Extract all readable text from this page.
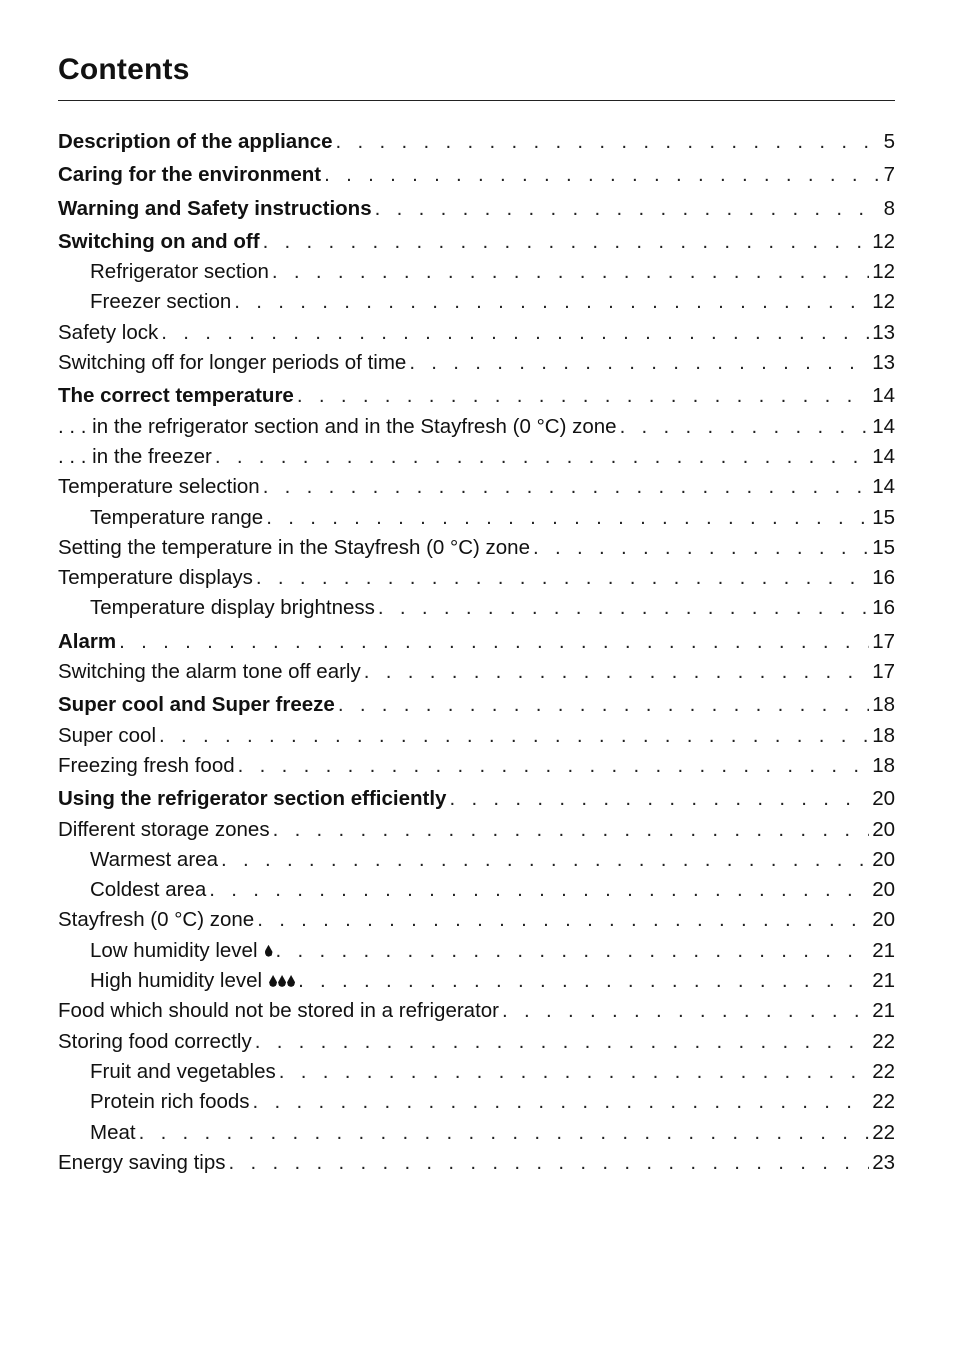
Contents
Description of the appliance . . .	5
Caring for the environment . . .	7
Warning and Safety instructions . . .	8
Switching on and off . . .	12
Refrigerator section . . .	12
Freezer section . . .	12
Safety lock . . .	13
Switching off for longer periods of time . . .	13
The correct temperature . . .	14
. . . in the refrigerator section and in the Stayfresh (0 °C) zone . . .	14
. . . in the freezer . . .	14
Temperature selection . . .	14
Temperature range . . .	15
Setting the temperature in the Stayfresh (0 °C) zone . . .	15
Temperature displays . . .	16
Temperature display brightness . . .	16
Alarm . . .	17
Switching the alarm tone off early . . .	17
Super cool and Super freeze . . .	18
Super cool . . .	18
Freezing fresh food . . .	18
Using the refrigerator section efficiently . . .	20
Different storage zones . . .	20
Warmest area . . .	20
Coldest area . . .	20
Stayfresh (0 °C) zone . . .	20
Low humidity level . . .	21
High humidity level . . .	21
Food which should not be stored in a refrigerator . . .	21
Storing food correctly . . .	22
Fruit and vegetables . . .	22
Protein rich foods . . .	22
Meat . . .	22
Energy saving tips . . .	23
